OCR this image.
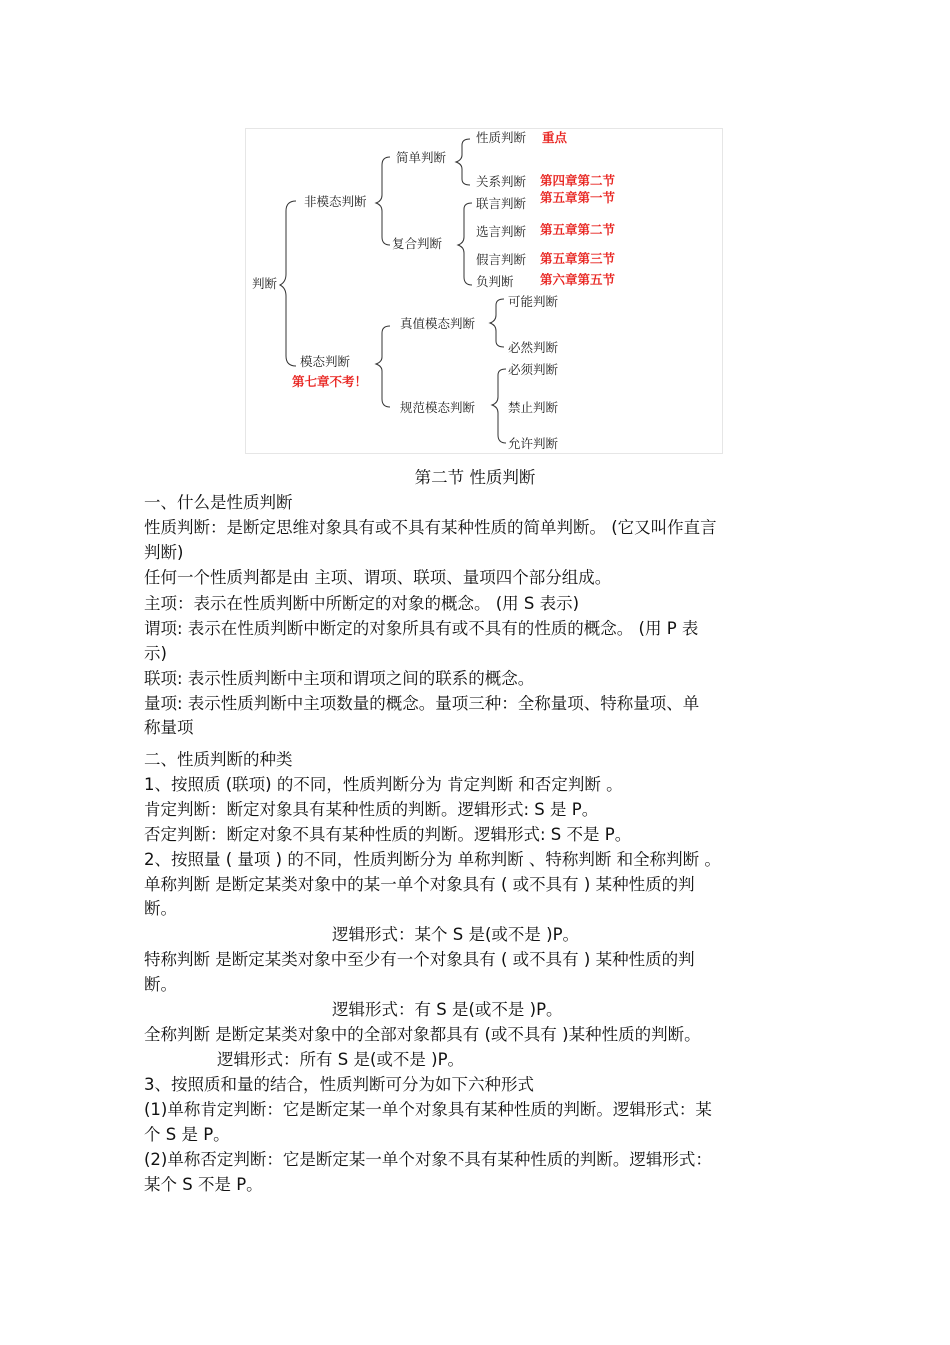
判断
非模态判断
简单判断
性质判断 重点
关系判断 第四章第二节
联言判断 第五章第一节
复合判断
选言判断 第五章第二节
假言判断 第五章第三节
负判断 第六章第五节
模态判断
第七章不考！
真值模态判断
可能判断
必然判断
规范模态判断
必须判断
禁止判断
允许判断
第二节 性质判断
一、什么是性质判断
性质判断：是断定思维对象具有或不具有某种性质的简单判断。 (它又叫作直言
判断)
任何一个性质判都是由 主项、谓项、联项、量项四个部分组成。
主项：表示在性质判断中所断定的对象的概念。 (用 S 表示)
谓项: 表示在性质判断中断定的对象所具有或不具有的性质的概念。 (用 P 表
示)
联项: 表示性质判断中主项和谓项之间的联系的概念。
量项: 表示性质判断中主项数量的概念。量项三种：全称量项、特称量项、单
称量项
二、性质判断的种类
1、按照质 (联项) 的不同，性质判断分为 肯定判断 和否定判断 。
肯定判断：断定对象具有某种性质的判断。逻辑形式: S 是 P。
否定判断：断定对象不具有某种性质的判断。逻辑形式: S 不是 P。
2、按照量 ( 量项 ) 的不同，性质判断分为 单称判断 、特称判断 和全称判断 。
单称判断 是断定某类对象中的某一单个对象具有 ( 或不具有 ) 某种性质的判
断。
逻辑形式：某个 S 是(或不是 )P。
特称判断 是断定某类对象中至少有一个对象具有 ( 或不具有 ) 某种性质的判
断。
逻辑形式：有 S 是(或不是 )P。
全称判断 是断定某类对象中的全部对象都具有 (或不具有 )某种性质的判断。
逻辑形式：所有 S 是(或不是 )P。
3、按照质和量的结合，性质判断可分为如下六种形式
(1)单称肯定判断：它是断定某一单个对象具有某种性质的判断。逻辑形式：某
个 S 是 P。
(2)单称否定判断：它是断定某一单个对象不具有某种性质的判断。逻辑形式：
某个 S 不是 P。
